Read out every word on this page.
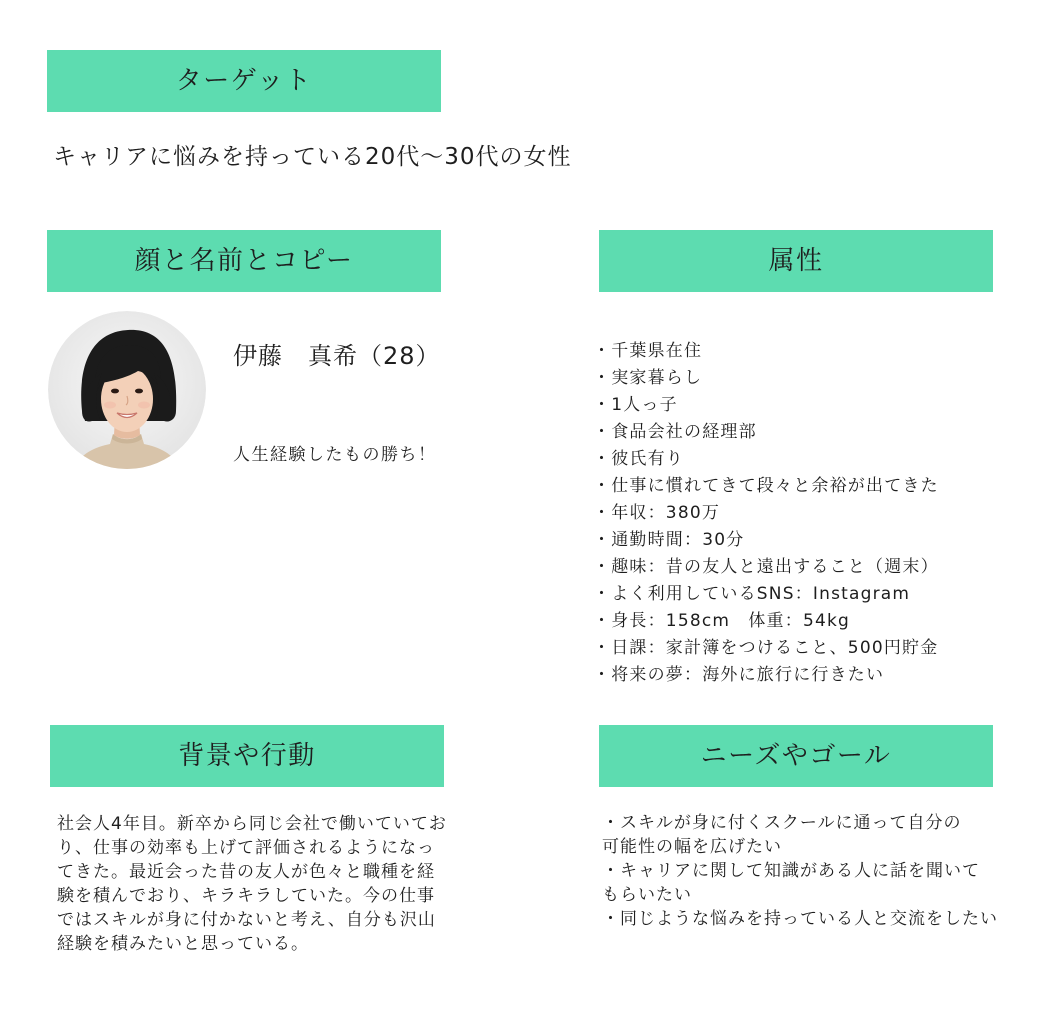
ターゲット
キャリアに悩みを持っている20代〜30代の女性
顔と名前とコピー
伊藤　真希（28）
人生経験したもの勝ち！
属性
・千葉県在住
・実家暮らし
・1人っ子
・食品会社の経理部
・彼氏有り
・仕事に慣れてきて段々と余裕が出てきた
・年収：380万
・通勤時間：30分
・趣味：昔の友人と遠出すること（週末）
・よく利用しているSNS：Instagram
・身長：158cm　体重：54kg
・日課：家計簿をつけること、500円貯金
・将来の夢：海外に旅行に行きたい
背景や行動
社会人4年目。新卒から同じ会社で働いていてお
り、仕事の効率も上げて評価されるようになっ
てきた。最近会った昔の友人が色々と職種を経
験を積んでおり、キラキラしていた。今の仕事
ではスキルが身に付かないと考え、自分も沢山
経験を積みたいと思っている。
ニーズやゴール
・スキルが身に付くスクールに通って自分の
可能性の幅を広げたい
・キャリアに関して知識がある人に話を聞いて
もらいたい
・同じような悩みを持っている人と交流をしたい
